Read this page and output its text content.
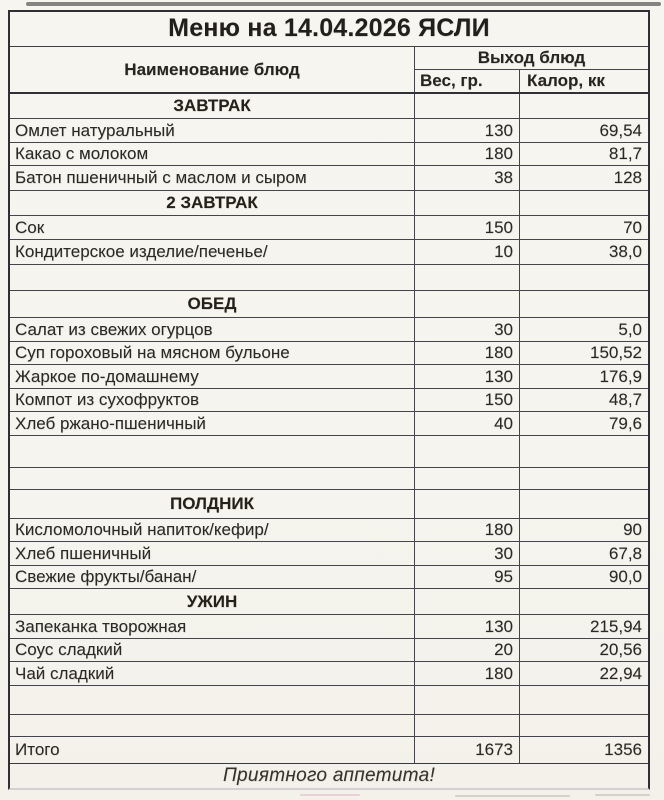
Меню на 14.04.2026 ЯСЛИ
Наименование блюд
Выход блюд
Вес, гр.	Калор, кк
ЗАВТРАК
Омлет натуральный	130	69,54
Какао с молоком	180	81,7
Батон пшеничный с маслом и сыром	38	128
2 ЗАВТРАК
Сок	150	70
Кондитерское изделие/печенье/	10	38,0
ОБЕД
Салат из свежих огурцов	30	5,0
Суп гороховый на мясном бульоне	180	150,52
Жаркое по-домашнему	130	176,9
Компот из сухофруктов	150	48,7
Хлеб ржано-пшеничный	40	79,6
ПОЛДНИК
Кисломолочный напиток/кефир/	180	90
Хлеб пшеничный	30	67,8
Свежие фрукты/банан/	95	90,0
УЖИН
Запеканка творожная	130	215,94
Соус сладкий	20	20,56
Чай сладкий	180	22,94
Итого	1673	1356
Приятного аппетита!
